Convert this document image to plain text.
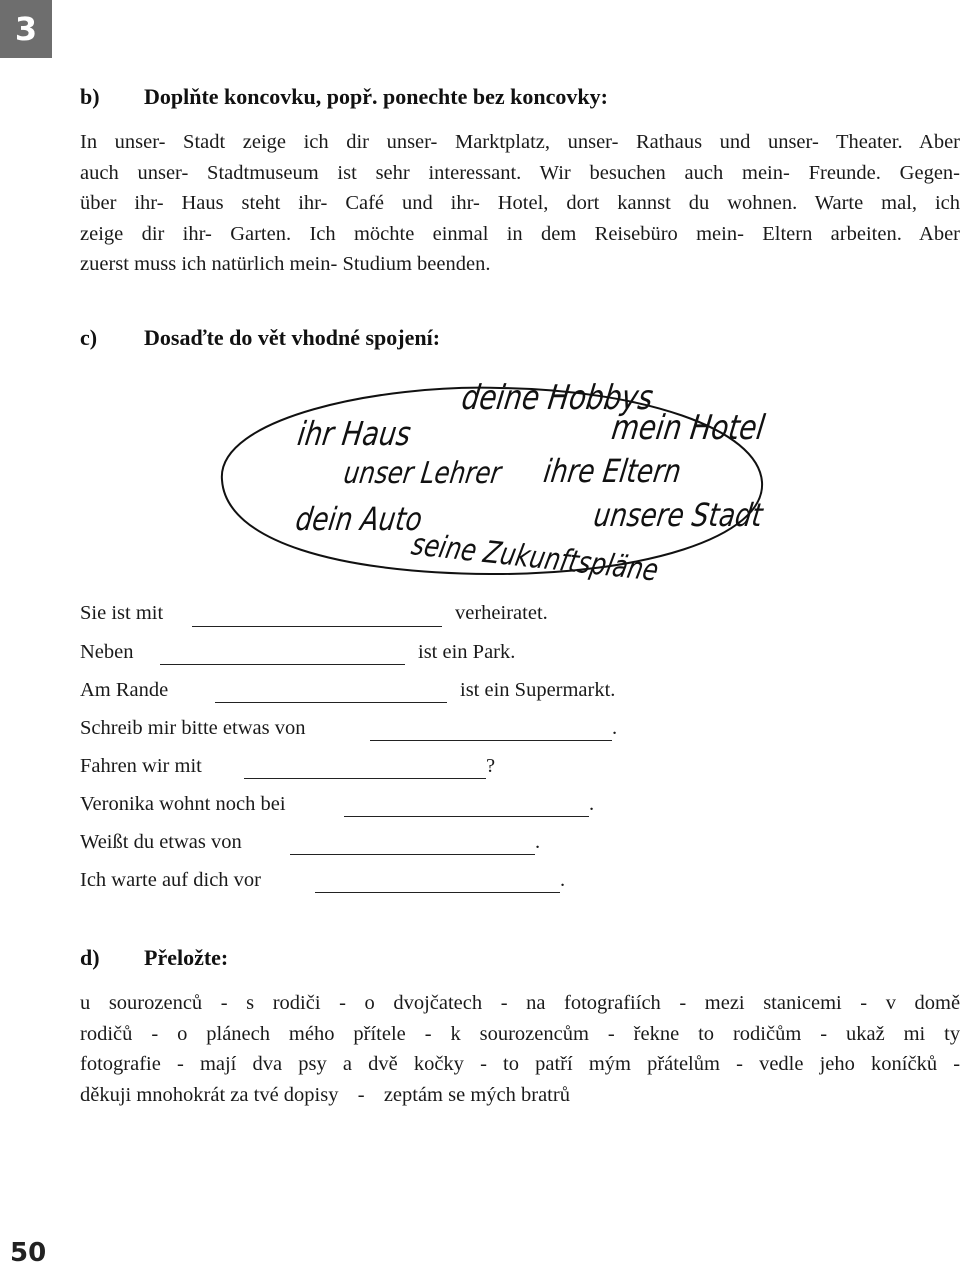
3
50
b) Doplňte koncovku, popř. ponechte bez koncovky:
In unser- Stadt zeige ich dir unser- Marktplatz, unser- Rathaus und unser- Theater. Aber
auch unser- Stadtmuseum ist sehr interessant. Wir besuchen auch mein- Freunde. Gegen-
über ihr- Haus steht ihr- Café und ihr- Hotel, dort kannst du wohnen. Warte mal, ich
zeige dir ihr- Garten. Ich möchte einmal in dem Reisebüro mein- Eltern arbeiten. Aber
zuerst muss ich natürlich mein- Studium beenden.
c) Dosaďte do vět vhodné spojení:
deine Hobbys
ihr Haus	mein Hotel
unser Lehrer ihre Eltern
dein Auto	unsere Stadt
seine Zukunftspläne
Sie ist mit	verheiratet.
Neben	ist ein Park.
Am Rande	ist ein Supermarkt.
Schreib mir bitte etwas von	.
Fahren wir mit	?
Veronika wohnt noch bei	.
Weißt du etwas von	.
Ich warte auf dich vor	.
d) Přeložte:
u sourozenců - s rodiči - o dvojčatech - na fotografiích - mezi stanicemi - v domě
rodičů - o plánech mého přítele - k sourozencům - řekne to rodičům - ukaž mi ty
fotografie - mají dva psy a dvě kočky - to patří mým přátelům - vedle jeho koníčků -
děkuji mnohokrát za tvé dopisy - zeptám se mých bratrů
